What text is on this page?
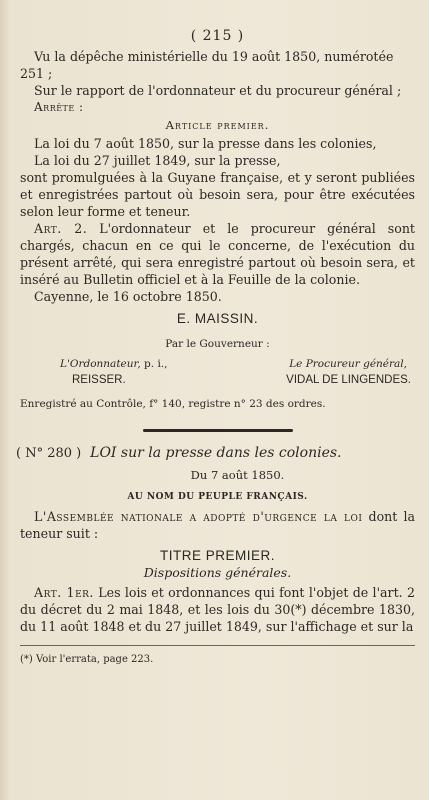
( 215 )

Vu la dépêche ministérielle du 19 août 1850, numérotée 251 ;

Sur le rapport de l'ordonnateur et du procureur général ;

Arrête :

Article premier.

La loi du 7 août 1850, sur la presse dans les colonies,

La loi du 27 juillet 1849, sur la presse,

sont promulguées à la Guyane française, et y seront publiées et enregistrées partout où besoin sera, pour être exécutées selon leur forme et teneur.

Art. 2. L'ordonnateur et le procureur général sont chargés, chacun en ce qui le concerne, de l'exécution du présent arrêté, qui sera enregistré partout où besoin sera, et inséré au Bulletin officiel et à la Feuille de la colonie.

Cayenne, le 16 octobre 1850.

E. MAISSIN.
Par le Gouverneur :
L'Ordonnateur, p. i.,	Le Procureur général,
REISSER.	VIDAL DE LINGENDES.

Enregistré au Contrôle, f° 140, registre n° 23 des ordres.

( N° 280 ) LOI sur la presse dans les colonies.

Du 7 août 1850.
AU NOM DU PEUPLE FRANÇAIS.

L'Assemblée nationale a adopté d'urgence la loi dont la teneur suit :

TITRE PREMIER.
Dispositions générales.

Art. 1er. Les lois et ordonnances qui font l'objet de l'art. 2 du décret du 2 mai 1848, et les lois du 30(*) décembre 1830, du 11 août 1848 et du 27 juillet 1849, sur l'affichage et sur la

(*) Voir l'errata, page 223.
